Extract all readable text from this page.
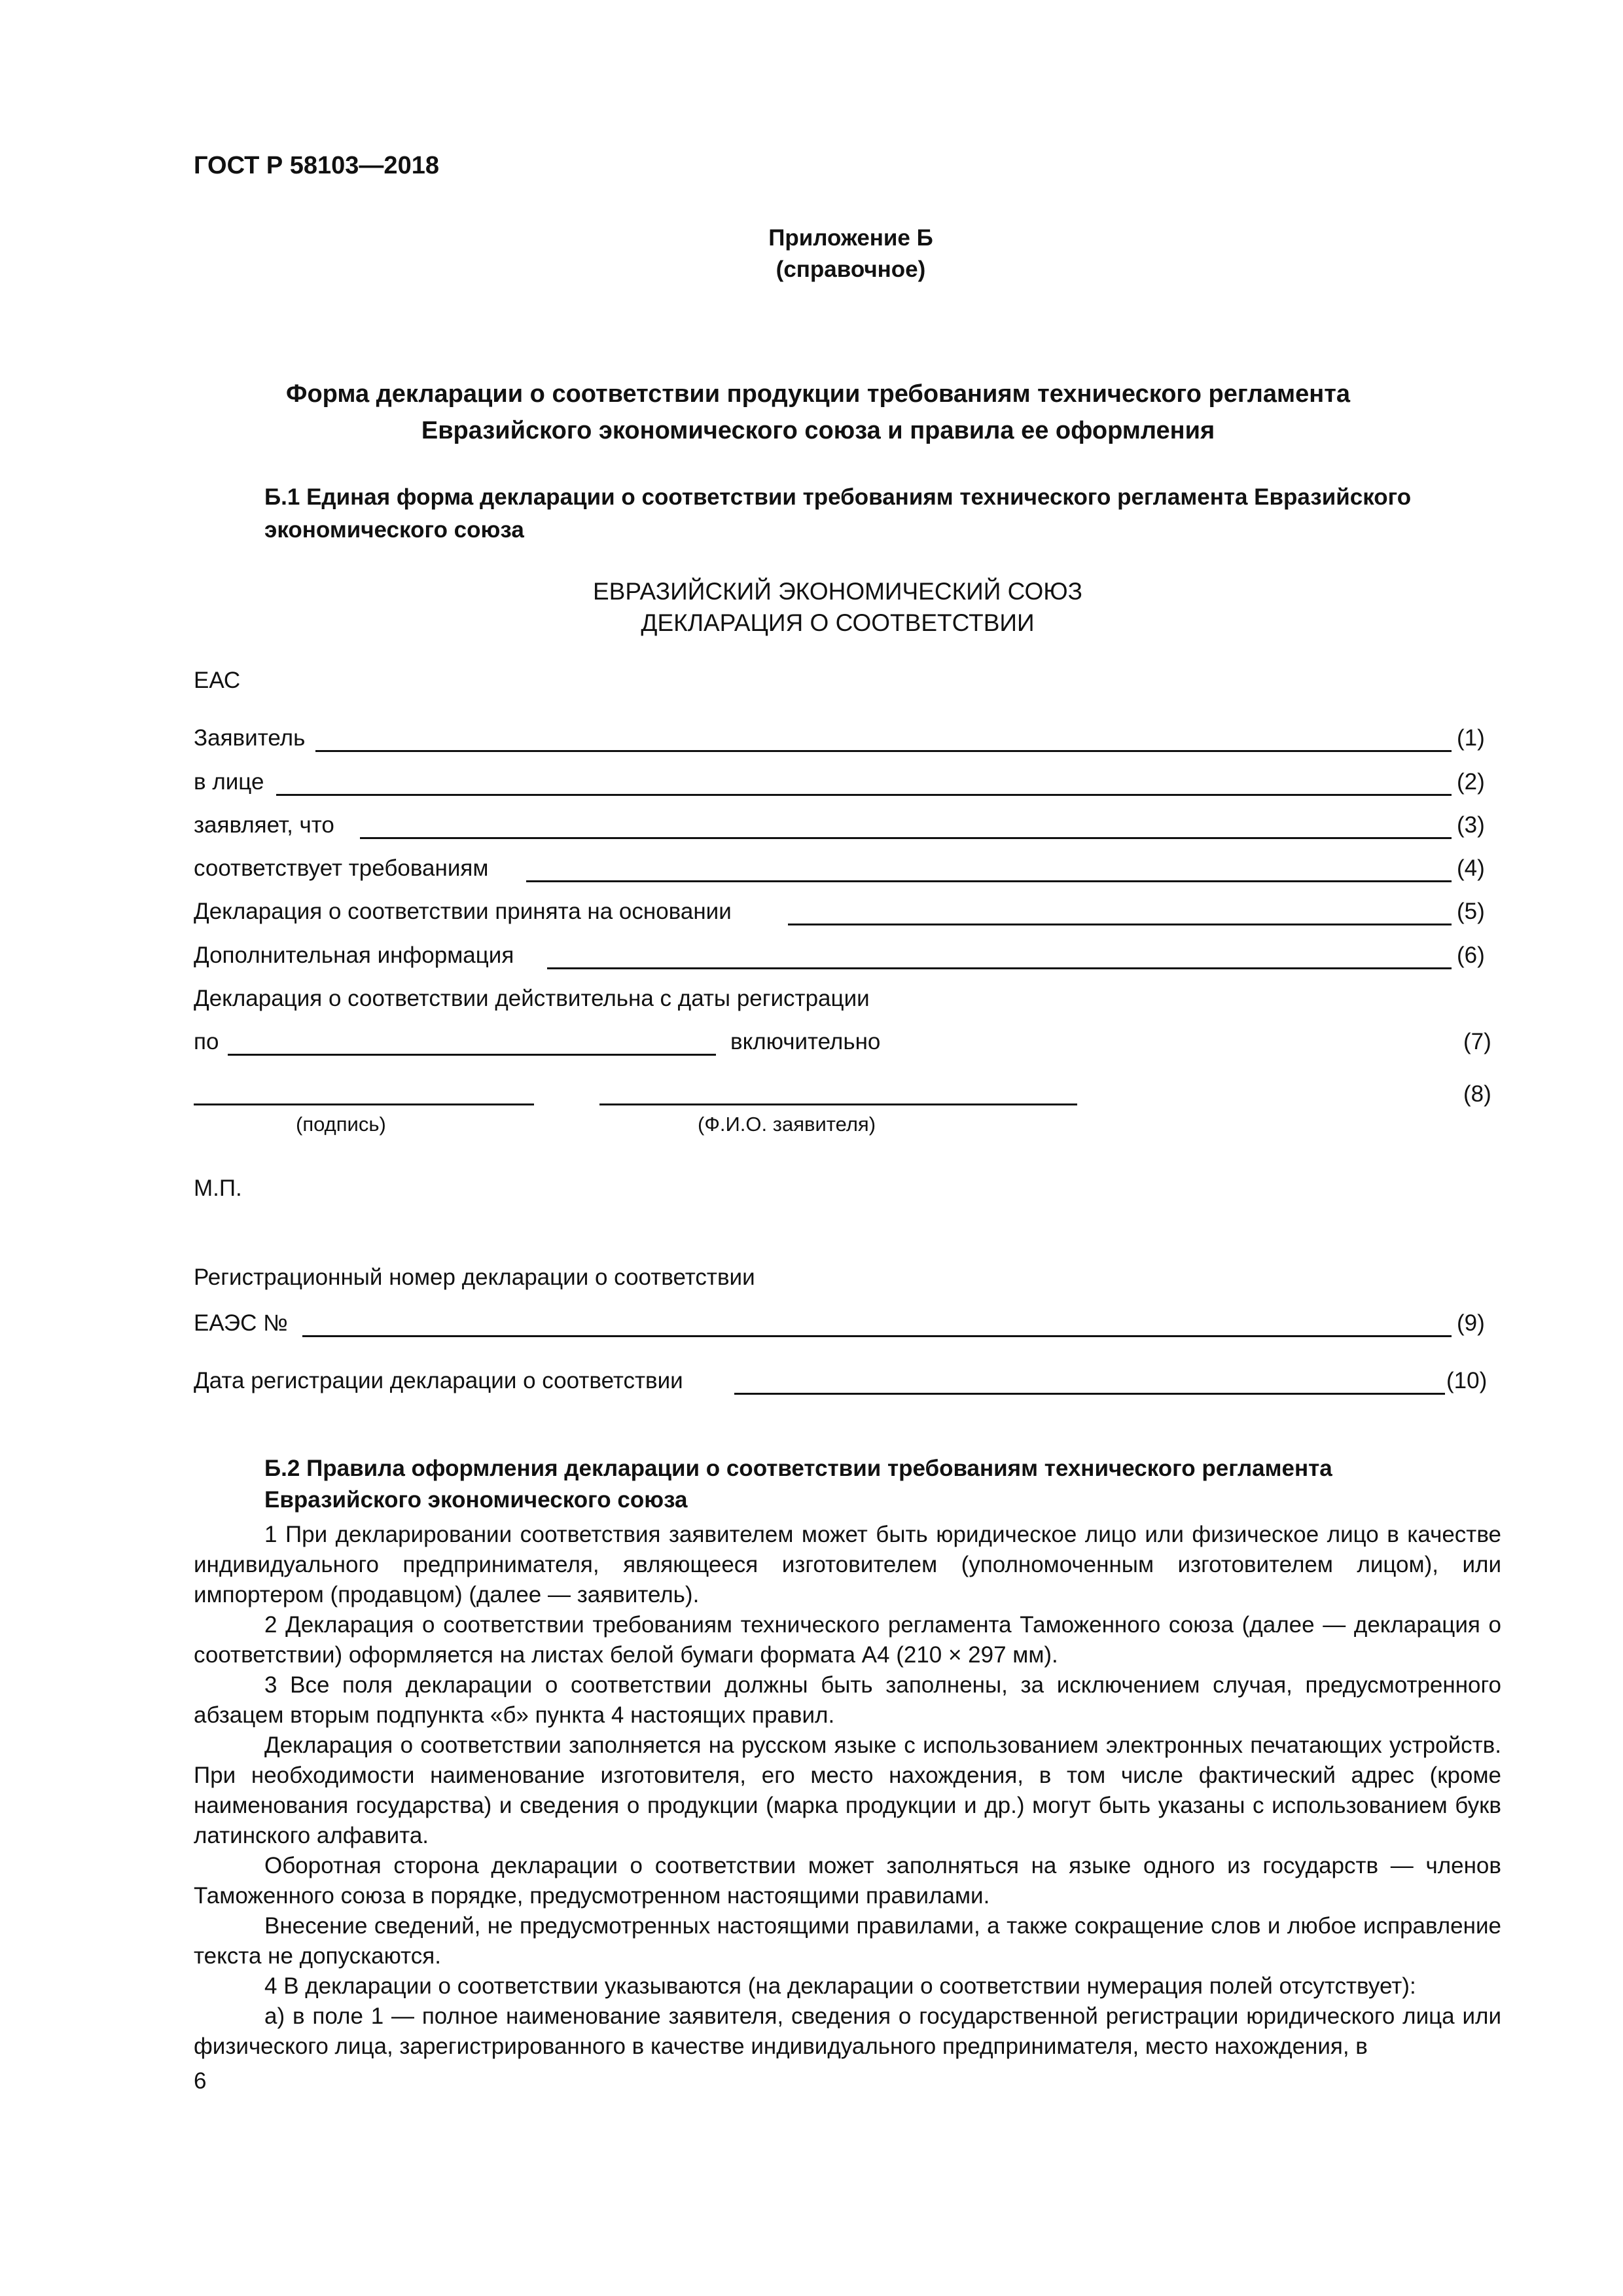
ГОСТ Р 58103—2018
Приложение Б
(справочное)
Форма декларации о соответствии продукции требованиям технического регламента
Евразийского экономического союза и правила ее оформления
Б.1 Единая форма декларации о соответствии требованиям технического регламента Евразийского
экономического союза
ЕВРАЗИЙСКИЙ ЭКОНОМИЧЕСКИЙ СОЮЗ
ДЕКЛАРАЦИЯ О СООТВЕТСТВИИ
ЕАС
Заявитель	(1)
в лице	(2)
заявляет, что	(3)
соответствует требованиям	(4)
Декларация о соответствии принята на основании	(5)
Дополнительная информация	(6)
Декларация о соответствии действительна с даты регистрации
по	включительно	(7)
(8)
(подпись)	(Ф.И.О. заявителя)
М.П.
Регистрационный номер декларации о соответствии
ЕАЭС №	(9)
Дата регистрации декларации о соответствии	(10)
Б.2 Правила оформления декларации о соответствии требованиям технического регламента
Евразийского экономического союза
1 При декларировании соответствия заявителем может быть юридическое лицо или физическое лицо в качестве индивидуального предпринимателя, являющееся изготовителем (уполномоченным изготовителем лицом), или импортером (продавцом) (далее — заявитель).
2 Декларация о соответствии требованиям технического регламента Таможенного союза (далее — декларация о соответствии) оформляется на листах белой бумаги формата А4 (210 × 297 мм).
3 Все поля декларации о соответствии должны быть заполнены, за исключением случая, предусмотренного абзацем вторым подпункта «б» пункта 4 настоящих правил.
Декларация о соответствии заполняется на русском языке с использованием электронных печатающих устройств. При необходимости наименование изготовителя, его место нахождения, в том числе фактический адрес (кроме наименования государства) и сведения о продукции (марка продукции и др.) могут быть указаны с использованием букв латинского алфавита.
Оборотная сторона декларации о соответствии может заполняться на языке одного из государств — членов Таможенного союза в порядке, предусмотренном настоящими правилами.
Внесение сведений, не предусмотренных настоящими правилами, а также сокращение слов и любое исправление текста не допускаются.
4 В декларации о соответствии указываются (на декларации о соответствии нумерация полей отсутствует):
а) в поле 1 — полное наименование заявителя, сведения о государственной регистрации юридического лица или физического лица, зарегистрированного в качестве индивидуального предпринимателя, место нахождения, в
6
